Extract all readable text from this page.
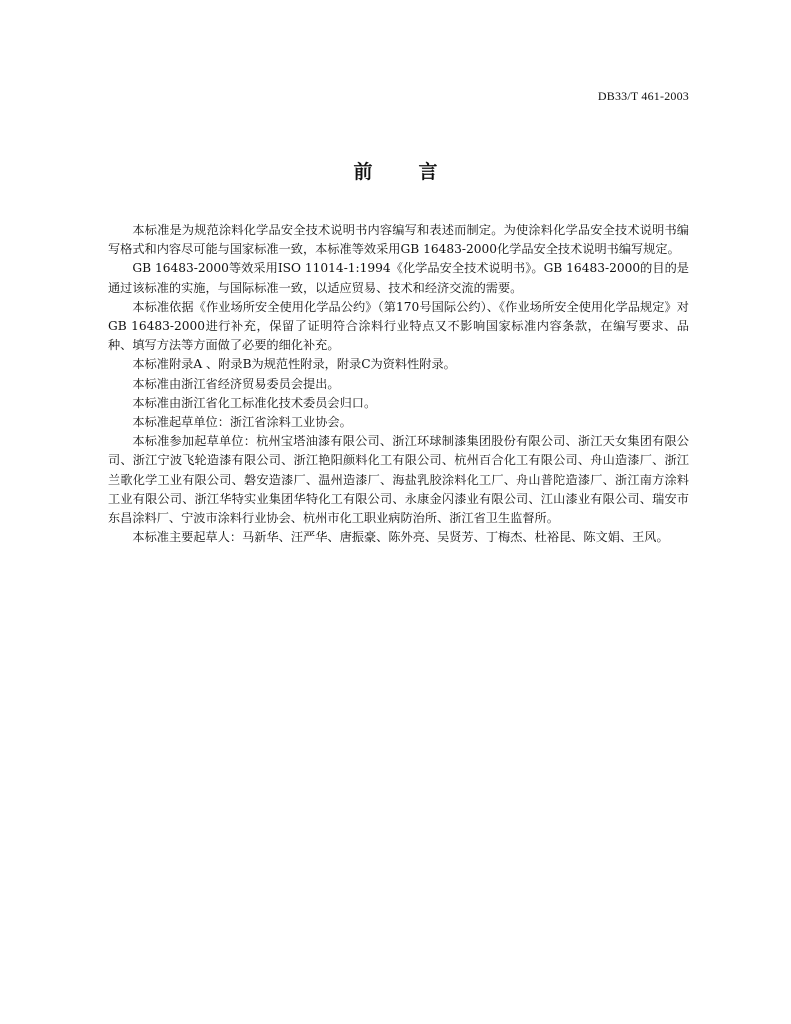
DB33/T 461-2003
前 言

本标准是为规范涂料化学品安全技术说明书内容编写和表述而制定。为使涂料化学品安全技术说明书编写格式和内容尽可能与国家标准一致，本标准等效采用GB 16483-2000化学品安全技术说明书编写规定。

GB 16483-2000等效采用ISO 11014-1:1994《化学品安全技术说明书》。GB 16483-2000的目的是通过该标准的实施，与国际标准一致，以适应贸易、技术和经济交流的需要。

本标准依据《作业场所安全使用化学品公约》（第170号国际公约）、《作业场所安全使用化学品规定》对GB 16483-2000进行补充，保留了证明符合涂料行业特点又不影响国家标准内容条款，在编写要求、品种、填写方法等方面做了必要的细化补充。

本标准附录A 、附录B为规范性附录，附录C为资料性附录。

本标准由浙江省经济贸易委员会提出。

本标准由浙江省化工标准化技术委员会归口。

本标准起草单位：浙江省涂料工业协会。

本标准参加起草单位：杭州宝塔油漆有限公司、浙江环球制漆集团股份有限公司、浙江天女集团有限公司、浙江宁波飞轮造漆有限公司、浙江艳阳颜料化工有限公司、杭州百合化工有限公司、舟山造漆厂、浙江兰歌化学工业有限公司、磐安造漆厂、温州造漆厂、海盐乳胶涂料化工厂、舟山普陀造漆厂、浙江南方涂料工业有限公司、浙江华特实业集团华特化工有限公司、永康金闪漆业有限公司、江山漆业有限公司、瑞安市东昌涂料厂、宁波市涂料行业协会、杭州市化工职业病防治所、浙江省卫生监督所。

本标准主要起草人：马新华、汪严华、唐振豪、陈外亮、吴贤芳、丁梅杰、杜裕昆、陈文娟、王风。
